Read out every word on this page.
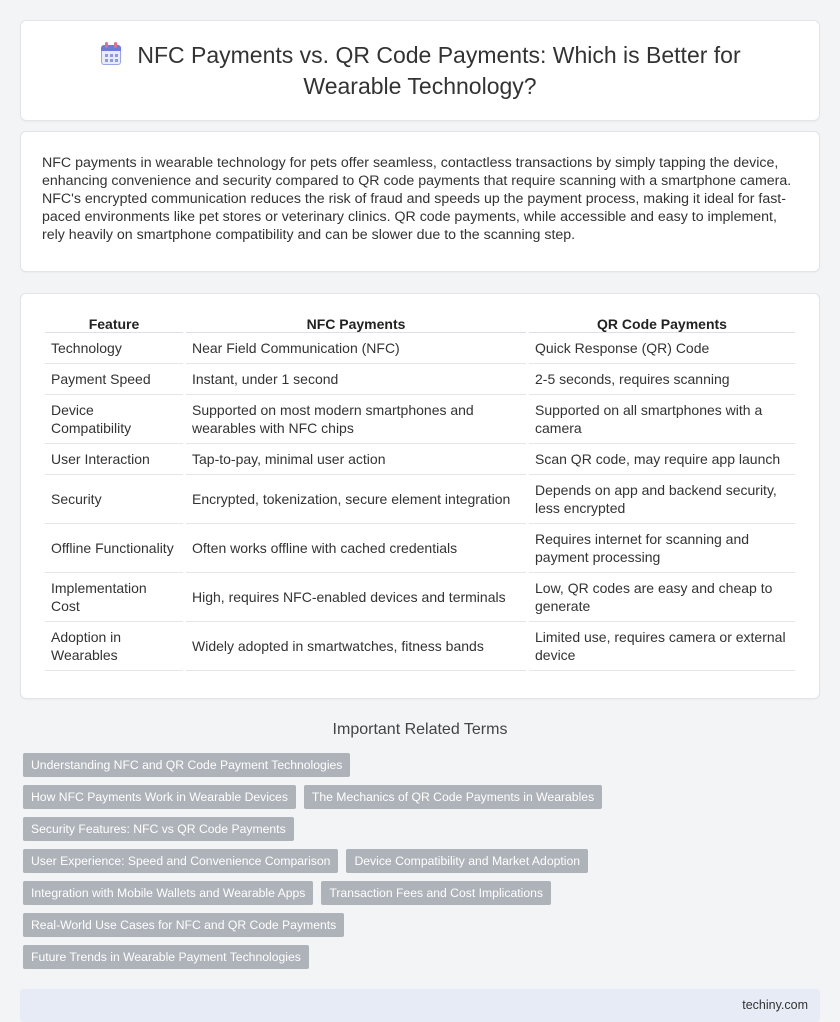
NFC Payments vs. QR Code Payments: Which is Better for Wearable Technology?

NFC payments in wearable technology for pets offer seamless, contactless transactions by simply tapping the device, enhancing convenience and security compared to QR code payments that require scanning with a smartphone camera. NFC's encrypted communication reduces the risk of fraud and speeds up the payment process, making it ideal for fast-paced environments like pet stores or veterinary clinics. QR code payments, while accessible and easy to implement, rely heavily on smartphone compatibility and can be slower due to the scanning step.

Feature	NFC Payments	QR Code Payments
Technology	Near Field Communication (NFC)	Quick Response (QR) Code
Payment Speed	Instant, under 1 second	2-5 seconds, requires scanning
Device Compatibility	Supported on most modern smartphones and wearables with NFC chips	Supported on all smartphones with a camera
User Interaction	Tap-to-pay, minimal user action	Scan QR code, may require app launch
Security	Encrypted, tokenization, secure element integration	Depends on app and backend security, less encrypted
Offline Functionality	Often works offline with cached credentials	Requires internet for scanning and payment processing
Implementation Cost	High, requires NFC-enabled devices and terminals	Low, QR codes are easy and cheap to generate
Adoption in Wearables	Widely adopted in smartwatches, fitness bands	Limited use, requires camera or external device
Important Related Terms
Understanding NFC and QR Code Payment Technologies
How NFC Payments Work in Wearable Devices	The Mechanics of QR Code Payments in Wearables
Security Features: NFC vs QR Code Payments
User Experience: Speed and Convenience Comparison	Device Compatibility and Market Adoption
Integration with Mobile Wallets and Wearable Apps	Transaction Fees and Cost Implications
Real-World Use Cases for NFC and QR Code Payments
Future Trends in Wearable Payment Technologies
techiny.com
